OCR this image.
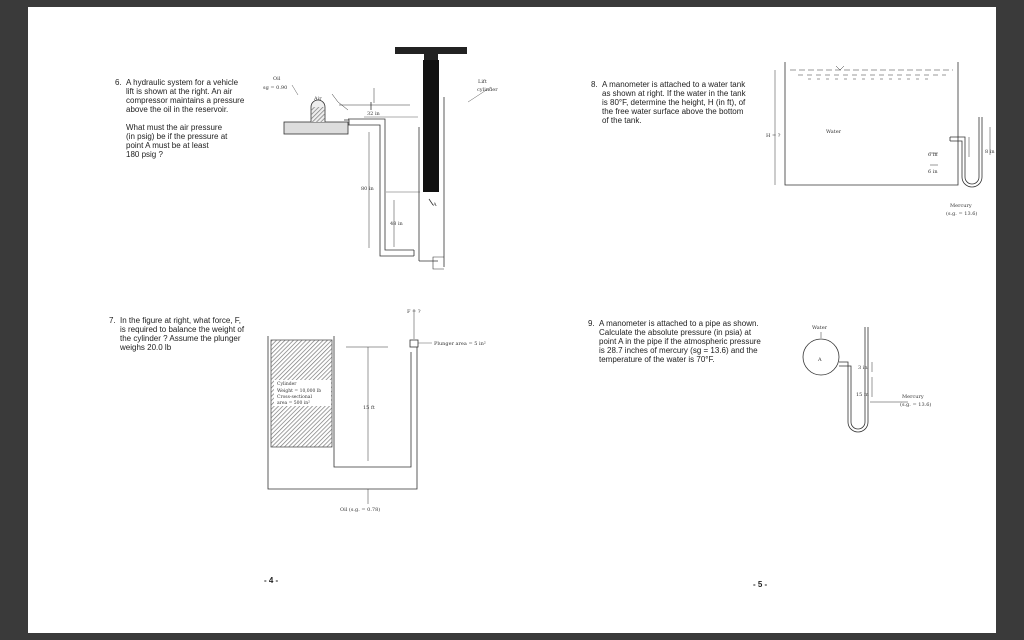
6. A hydraulic system for a vehicle

lift is shown at the right. An air

compressor maintains a pressure

above the oil in the reservoir.

What must the air pressure

(in psig) be if the pressure at

point A must be at least

180 psig ?

7. In the figure at right, what force, F,

is required to balance the weight of

the cylinder ? Assume the plunger

weighs 20.0 lb

8. A manometer is attached to a water tank

as shown at right. If the water in the tank

is 80°F, determine the height, H (in ft), of

the free water surface above the bottom

of the tank.

9. A manometer is attached to a pipe as shown.

Calculate the absolute pressure (in psia) at

point A in the pipe if the atmospheric pressure

is 28.7 inches of mercury (sg = 13.6) and the

temperature of the water is 70°F.

- 4 -	- 5 -
Oil
sg = 0.90
Air
Lift
cylinder
32 in
80 in
48 in
A
F = ?
Plunger area = 5 in²
Cylinder
Weight = 10,000 lb
Cross-sectional
area = 500 in²
15 ft
Oil (s.g. = 0.78)
Water
H = ?
8 in
6 in
6 in
Mercury
(s.g. = 13.6)
Water
A
3 in
15 in	Mercury
(s.g. = 13.6)
